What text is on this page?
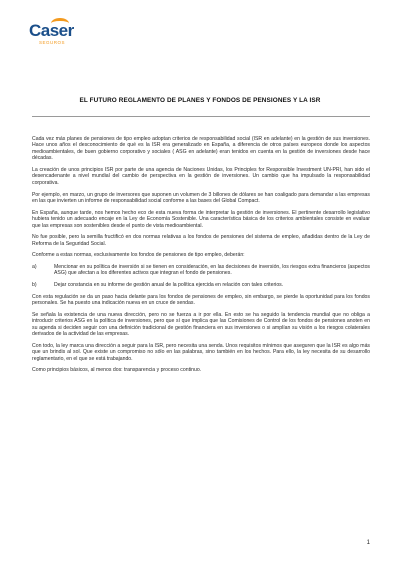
Caser
SEGUROS
EL FUTURO REGLAMENTO DE PLANES Y FONDOS DE PENSIONES Y LA ISR

Cada vez más planes de pensiones de tipo empleo adoptan criterios de responsabilidad social (ISR en adelante) en la gestión de sus inversiones. Hace unos años el desconocimiento de qué es la ISR era generalizado en España, a diferencia de otros países europeos donde los aspectos medioambientales, de buen gobierno corporativo y sociales ( ASG en adelante) eran tenidos en cuenta en la gestión de inversiones desde hace décadas.

La creación de unos principios ISR por parte de una agencia de Naciones Unidas, los Principles for Responsible Investment UN-PRI, han sido el desencadenante a nivel mundial del cambio de perspectiva en la gestión de inversiones. Un cambio que ha impulsado la responsabilidad corporativa.

Por ejemplo, en marzo, un grupo de inversores que suponen un volumen de 3 billones de dólares se han coaligado para demandar a las empresas en las que invierten un informe de responsabilidad social conforme a las bases del Global Compact.

En España, aunque tarde, nos hemos hecho eco de esta nueva forma de interpretar la gestión de inversiones. El pertinente desarrollo legislativo hubiera tenido un adecuado encaje en la Ley de Economía Sostenible. Una característica básica de los criterios ambientales consiste en evaluar que las empresas son sostenibles desde el punto de vista medioambiental.

No fue posible, pero la semilla fructificó en dos normas relativas a los fondos de pensiones del sistema de empleo, añadidas dentro de la Ley de Reforma de la Seguridad Social.

Conforme a estas normas, exclusivamente los fondos de pensiones de tipo empleo, deberán:

a)	Mencionar en su política de inversión si se tienen en consideración, en las decisiones de inversión, los riesgos extra financieros (aspectos ASG) que afectan a los diferentes activos que integran el fondo de pensiones.
b)	Dejar constancia en su informe de gestión anual de la política ejercida en relación con tales criterios.

Con esta regulación se da un paso hacia delante para los fondos de pensiones de empleo, sin embargo, se pierde la oportunidad para los fondos personales. Se ha puesto una indicación nueva en un cruce de sendas.

Se señala la existencia de una nueva dirección, pero no se fuerza a ir por ella. En esto se ha seguido la tendencia mundial que no obliga a introducir criterios ASG en la política de inversiones, pero que sí que implica que las Comisiones de Control de los fondos de pensiones anoten en su agenda si deciden seguir con una definición tradicional de gestión financiera en sus inversiones o si amplían su visión a los riesgos colaterales derivados de la actividad de las empresas.

Con todo, la ley marca una dirección a seguir para la ISR, pero necesita una senda. Unos requisitos mínimos que aseguren que la ISR es algo más que un brindis al sol. Que existe un compromiso no sólo en las palabras, sino también en los hechos. Para ello, la ley necesita de su desarrollo reglamentario, en el que se está trabajando.

Como principios básicos, al menos dos: transparencia y proceso continuo.

1
